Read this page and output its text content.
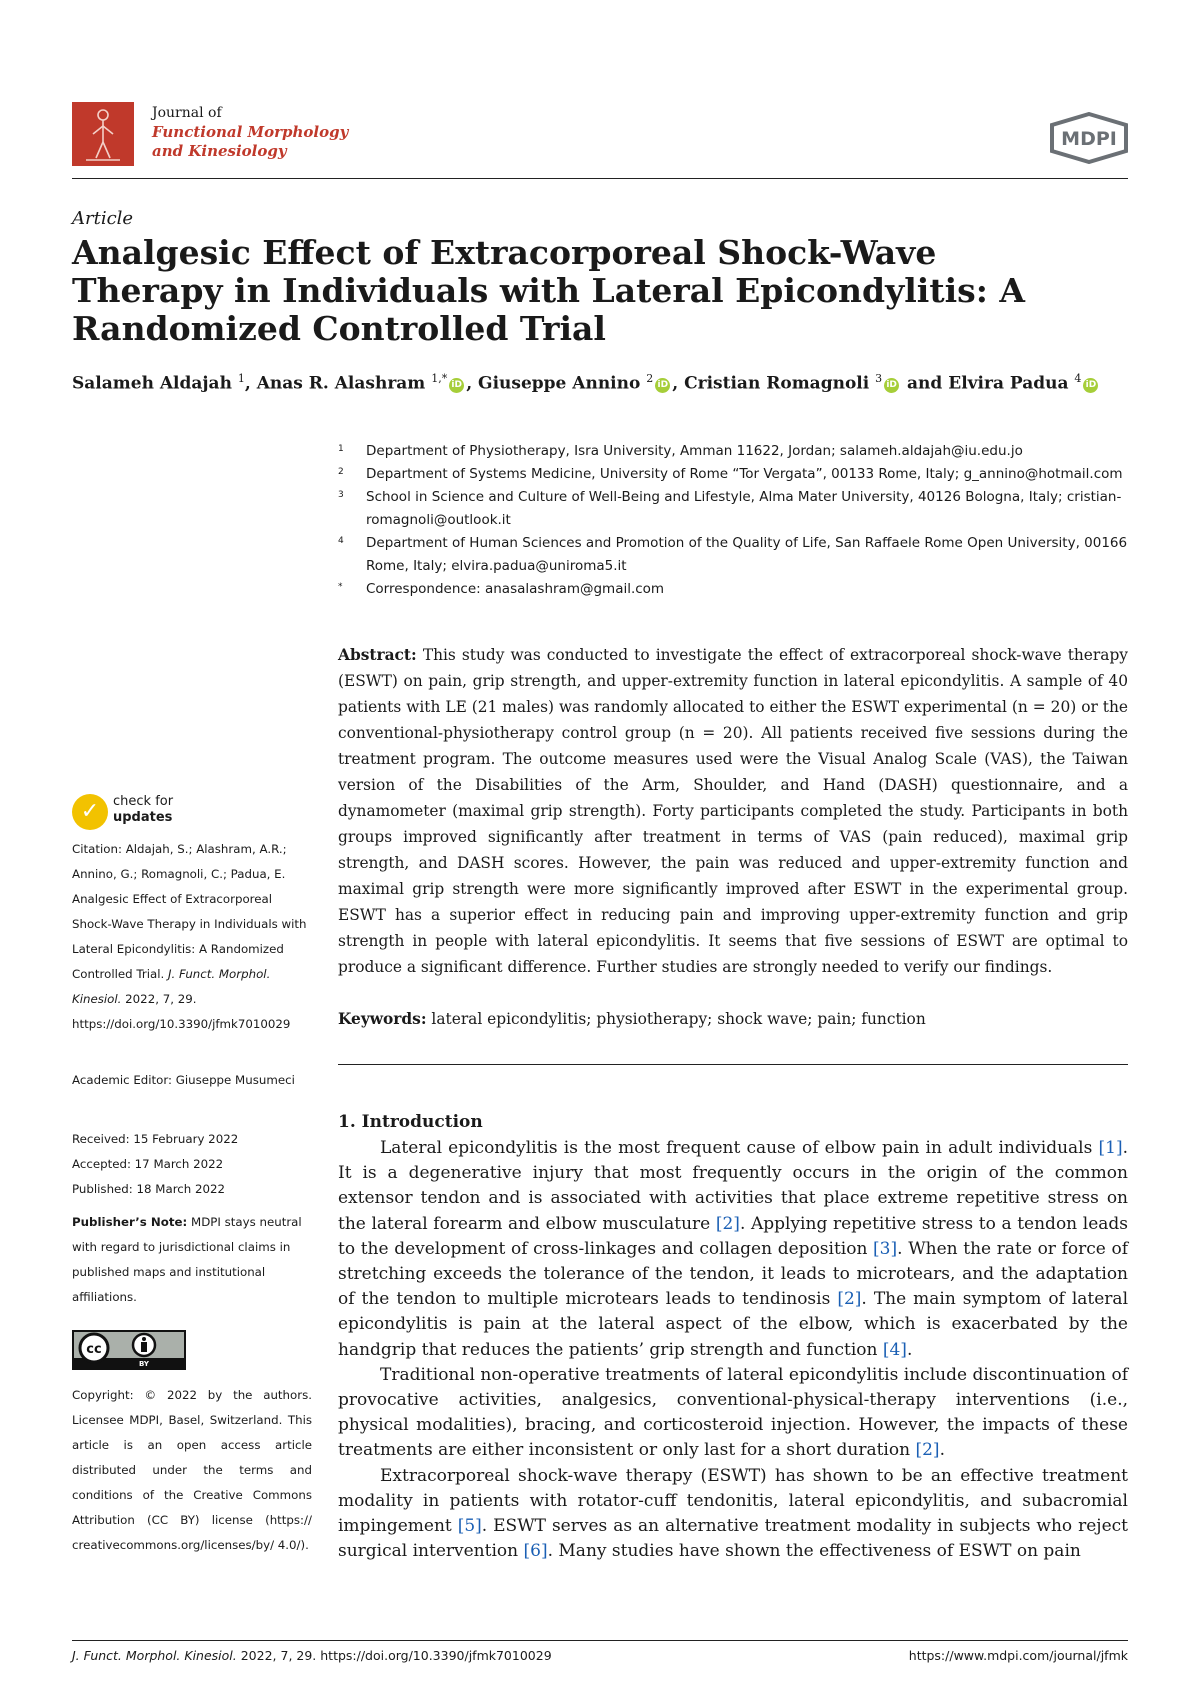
Journal of
Functional Morphology
and Kinesiology
MDPI
Article
Analgesic Effect of Extracorporeal Shock-Wave Therapy in Individuals with Lateral Epicondylitis: A Randomized Controlled Trial
Salameh Aldajah $^1$, Anas R. Alashram $^{1,*}$ iD , Giuseppe Annino $^2$ iD , Cristian Romagnoli $^3$ iD and Elvira Padua $^4$ iD
1 Department of Physiotherapy, Isra University, Amman 11622, Jordan; salameh.aldajah@iu.edu.jo
2 Department of Systems Medicine, University of Rome “Tor Vergata”, 00133 Rome, Italy; g_annino@hotmail.com
3 School in Science and Culture of Well-Being and Lifestyle, Alma Mater University, 40126 Bologna, Italy; cristian-romagnoli@outlook.it
4 Department of Human Sciences and Promotion of the Quality of Life, San Raffaele Rome Open University, 00166 Rome, Italy; elvira.padua@uniroma5.it
* Correspondence: anasalashram@gmail.com

Abstract: This study was conducted to investigate the effect of extracorporeal shock-wave therapy (ESWT) on pain, grip strength, and upper-extremity function in lateral epicondylitis. A sample of 40 patients with LE (21 males) was randomly allocated to either the ESWT experimental (n = 20) or the conventional-physiotherapy control group (n = 20). All patients received five sessions during the treatment program. The outcome measures used were the Visual Analog Scale (VAS), the Taiwan version of the Disabilities of the Arm, Shoulder, and Hand (DASH) questionnaire, and a dynamometer (maximal grip strength). Forty participants completed the study. Participants in both groups improved significantly after treatment in terms of VAS (pain reduced), maximal grip strength, and DASH scores. However, the pain was reduced and upper-extremity function and maximal grip strength were more significantly improved after ESWT in the experimental group. ESWT has a superior effect in reducing pain and improving upper-extremity function and grip strength in people with lateral epicondylitis. It seems that five sessions of ESWT are optimal to produce a significant difference. Further studies are strongly needed to verify our findings.

Keywords: lateral epicondylitis; physiotherapy; shock wave; pain; function

✓	check for
updates
Citation: Aldajah, S.; Alashram, A.R.; Annino, G.; Romagnoli, C.; Padua, E. Analgesic Effect of Extracorporeal Shock-Wave Therapy in Individuals with Lateral Epicondylitis: A Randomized Controlled Trial. J. Funct. Morphol. Kinesiol. 2022, 7, 29. https://doi.org/10.3390/jfmk7010029
Academic Editor: Giuseppe Musumeci
Received: 15 February 2022
Accepted: 17 March 2022
Published: 18 March 2022
Publisher’s Note: MDPI stays neutral with regard to jurisdictional claims in published maps and institutional affiliations.
cc
BY
Copyright: © 2022 by the authors. Licensee MDPI, Basel, Switzerland. This article is an open access article distributed under the terms and conditions of the Creative Commons Attribution (CC BY) license (https:// creativecommons.org/licenses/by/ 4.0/).
1. Introduction

Lateral epicondylitis is the most frequent cause of elbow pain in adult individuals [1]. It is a degenerative injury that most frequently occurs in the origin of the common extensor tendon and is associated with activities that place extreme repetitive stress on the lateral forearm and elbow musculature [2]. Applying repetitive stress to a tendon leads to the development of cross-linkages and collagen deposition [3]. When the rate or force of stretching exceeds the tolerance of the tendon, it leads to microtears, and the adaptation of the tendon to multiple microtears leads to tendinosis [2]. The main symptom of lateral epicondylitis is pain at the lateral aspect of the elbow, which is exacerbated by the handgrip that reduces the patients’ grip strength and function [4].

Traditional non-operative treatments of lateral epicondylitis include discontinuation of provocative activities, analgesics, conventional-physical-therapy interventions (i.e., physical modalities), bracing, and corticosteroid injection. However, the impacts of these treatments are either inconsistent or only last for a short duration [2].

Extracorporeal shock-wave therapy (ESWT) has shown to be an effective treatment modality in patients with rotator-cuff tendonitis, lateral epicondylitis, and subacromial impingement [5]. ESWT serves as an alternative treatment modality in subjects who reject surgical intervention [6]. Many studies have shown the effectiveness of ESWT on pain

J. Funct. Morphol. Kinesiol. 2022, 7, 29. https://doi.org/10.3390/jfmk7010029	https://www.mdpi.com/journal/jfmk
